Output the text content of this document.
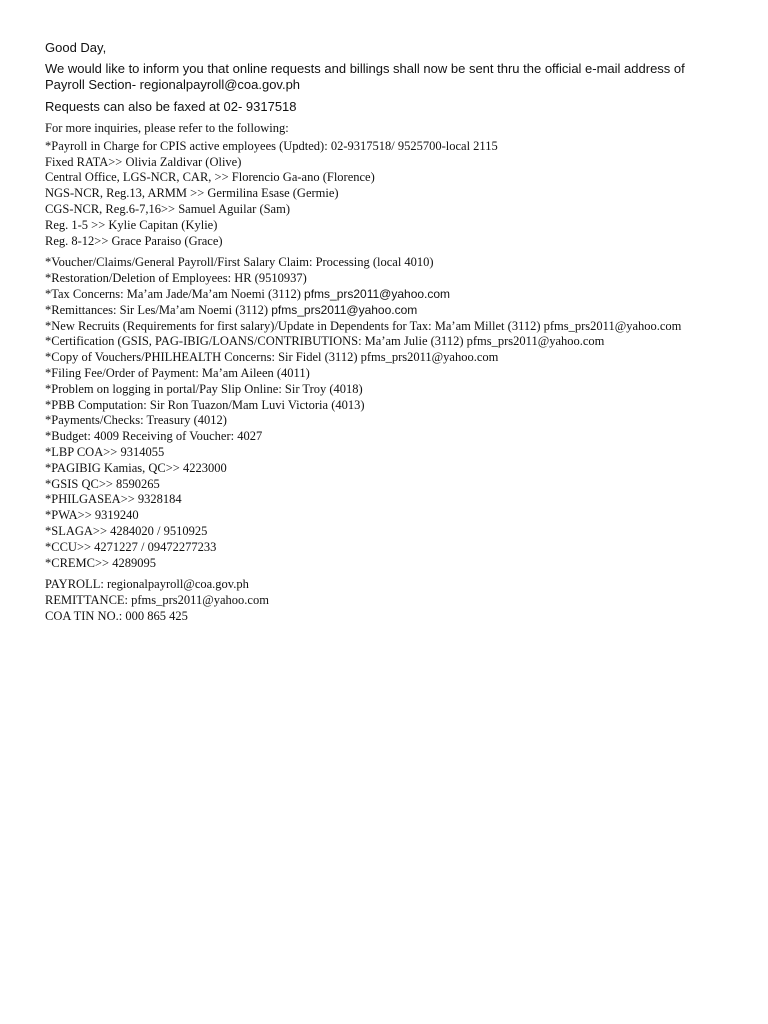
Good Day,
We would like to inform you that online requests and billings shall now be sent thru the official e-mail address of
Payroll Section- regionalpayroll@coa.gov.ph
Requests can also be faxed at 02- 9317518
For more inquiries, please refer to the following:
*Payroll in Charge for CPIS active employees (Updted): 02-9317518/ 9525700-local 2115
Fixed RATA>> Olivia Zaldivar (Olive)
Central Office, LGS-NCR, CAR, >> Florencio Ga-ano (Florence)
NGS-NCR, Reg.13, ARMM >> Germilina Esase (Germie)
CGS-NCR, Reg.6-7,16>> Samuel Aguilar (Sam)
Reg. 1-5 >> Kylie Capitan (Kylie)
Reg. 8-12>> Grace Paraiso (Grace)
*Voucher/Claims/General Payroll/First Salary Claim: Processing (local 4010)
*Restoration/Deletion of Employees: HR (9510937)
*Tax Concerns: Ma’am Jade/Ma’am Noemi (3112) pfms_prs2011@yahoo.com
*Remittances: Sir Les/Ma’am Noemi (3112) pfms_prs2011@yahoo.com
*New Recruits (Requirements for first salary)/Update in Dependents for Tax: Ma’am Millet (3112) pfms_prs2011@yahoo.com
*Certification (GSIS, PAG-IBIG/LOANS/CONTRIBUTIONS: Ma’am Julie (3112) pfms_prs2011@yahoo.com
*Copy of Vouchers/PHILHEALTH Concerns: Sir Fidel (3112) pfms_prs2011@yahoo.com
*Filing Fee/Order of Payment: Ma’am Aileen (4011)
*Problem on logging in portal/Pay Slip Online: Sir Troy (4018)
*PBB Computation: Sir Ron Tuazon/Mam Luvi Victoria (4013)
*Payments/Checks: Treasury (4012)
*Budget: 4009 Receiving of Voucher: 4027
*LBP COA>> 9314055
*PAGIBIG Kamias, QC>> 4223000
*GSIS QC>> 8590265
*PHILGASEA>> 9328184
*PWA>> 9319240
*SLAGA>> 4284020 / 9510925
*CCU>> 4271227 / 09472277233
*CREMC>> 4289095
PAYROLL: regionalpayroll@coa.gov.ph
REMITTANCE: pfms_prs2011@yahoo.com
COA TIN NO.: 000 865 425
